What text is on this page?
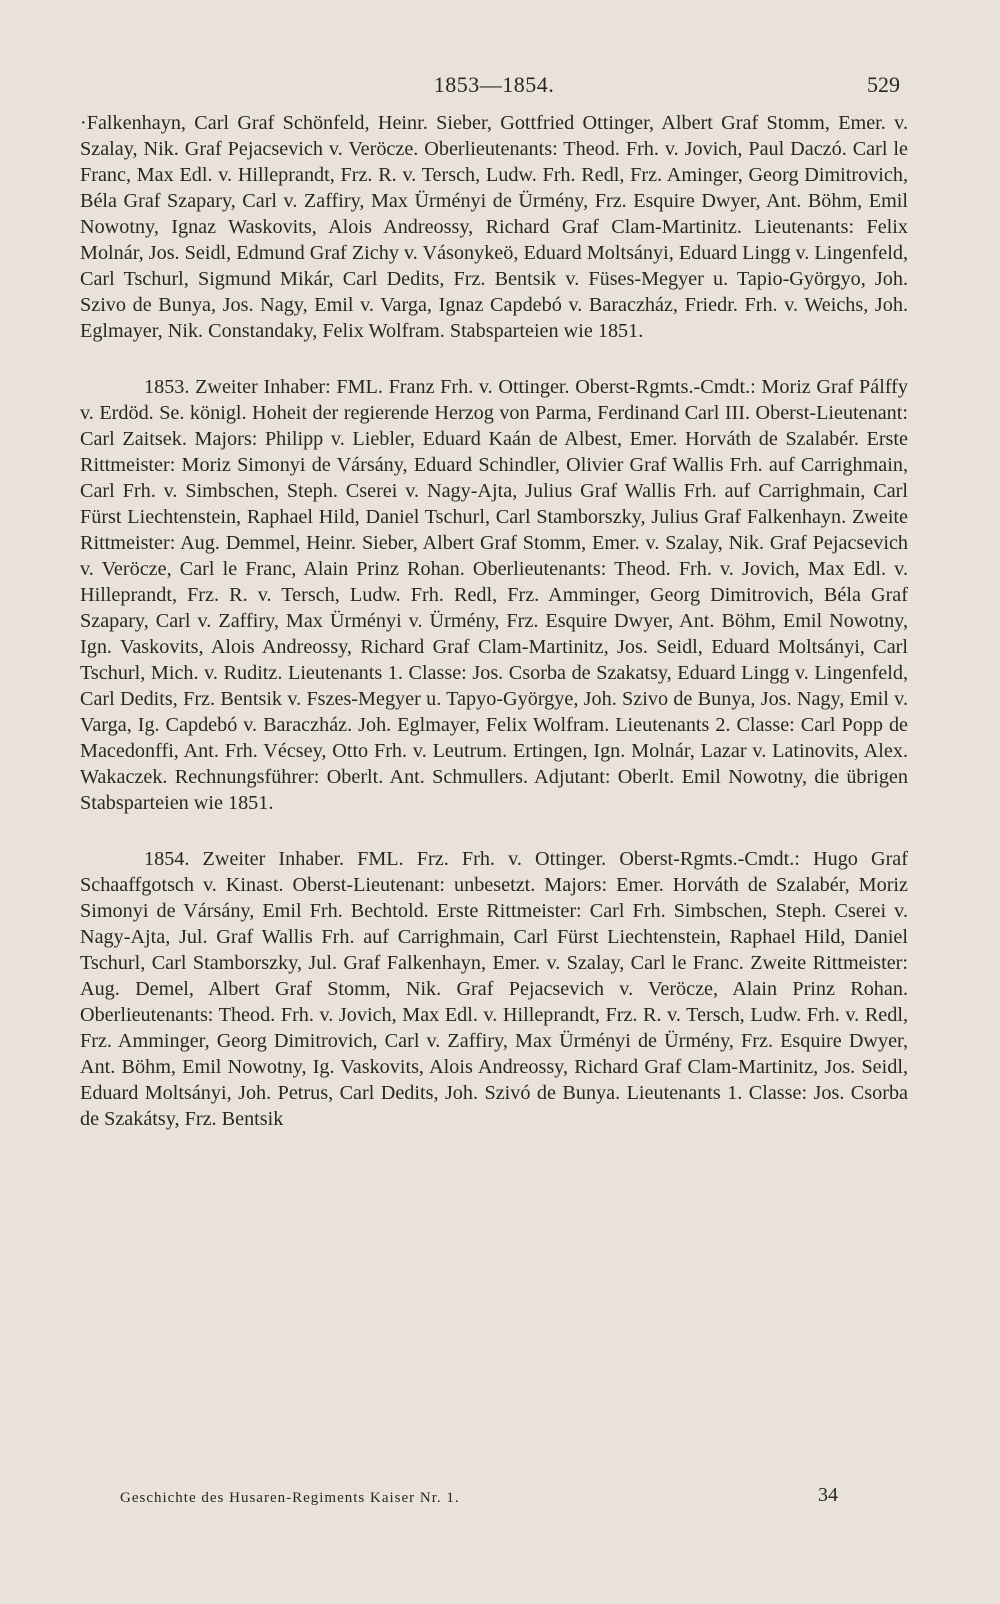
1853—1854.	529

·Falkenhayn, Carl Graf Schönfeld, Heinr. Sieber, Gottfried Ottinger, Albert Graf Stomm, Emer. v. Szalay, Nik. Graf Pejacsevich v. Veröcze. Oberlieutenants: Theod. Frh. v. Jovich, Paul Daczó. Carl le Franc, Max Edl. v. Hilleprandt, Frz. R. v. Tersch, Ludw. Frh. Redl, Frz. Aminger, Georg Dimitrovich, Béla Graf Szapary, Carl v. Zaffiry, Max Ürményi de Ürmény, Frz. Esquire Dwyer, Ant. Böhm, Emil Nowotny, Ignaz Waskovits, Alois Andreossy, Richard Graf Clam-Martinitz. Lieutenants: Felix Molnár, Jos. Seidl, Edmund Graf Zichy v. Vásonykeö, Eduard Moltsányi, Eduard Lingg v. Lingenfeld, Carl Tschurl, Sigmund Mikár, Carl Dedits, Frz. Bentsik v. Füses-Megyer u. Tapio-Györgyo, Joh. Szivo de Bunya, Jos. Nagy, Emil v. Varga, Ignaz Capdebó v. Baraczház, Friedr. Frh. v. Weichs, Joh. Eglmayer, Nik. Constandaky, Felix Wolfram. Stabsparteien wie 1851.

1853. Zweiter Inhaber: FML. Franz Frh. v. Ottinger. Oberst-Rgmts.-Cmdt.: Moriz Graf Pálffy v. Erdöd. Se. königl. Hoheit der regierende Herzog von Parma, Ferdinand Carl III. Oberst-Lieutenant: Carl Zaitsek. Majors: Philipp v. Liebler, Eduard Kaán de Albest, Emer. Horváth de Szalabér. Erste Rittmeister: Moriz Simonyi de Vársány, Eduard Schindler, Olivier Graf Wallis Frh. auf Carrighmain, Carl Frh. v. Simbschen, Steph. Cserei v. Nagy-Ajta, Julius Graf Wallis Frh. auf Carrighmain, Carl Fürst Liechtenstein, Raphael Hild, Daniel Tschurl, Carl Stamborszky, Julius Graf Falkenhayn. Zweite Rittmeister: Aug. Demmel, Heinr. Sieber, Albert Graf Stomm, Emer. v. Szalay, Nik. Graf Pejacsevich v. Veröcze, Carl le Franc, Alain Prinz Rohan. Oberlieutenants: Theod. Frh. v. Jovich, Max Edl. v. Hilleprandt, Frz. R. v. Tersch, Ludw. Frh. Redl, Frz. Amminger, Georg Dimitrovich, Béla Graf Szapary, Carl v. Zaffiry, Max Ürményi v. Ürmény, Frz. Esquire Dwyer, Ant. Böhm, Emil Nowotny, Ign. Vaskovits, Alois Andreossy, Richard Graf Clam-Martinitz, Jos. Seidl, Eduard Moltsányi, Carl Tschurl, Mich. v. Ruditz. Lieutenants 1. Classe: Jos. Csorba de Szakatsy, Eduard Lingg v. Lingenfeld, Carl Dedits, Frz. Bentsik v. Fszes-Megyer u. Tapyo-Györgye, Joh. Szivo de Bunya, Jos. Nagy, Emil v. Varga, Ig. Capdebó v. Baraczház. Joh. Eglmayer, Felix Wolfram. Lieutenants 2. Classe: Carl Popp de Macedonffi, Ant. Frh. Vécsey, Otto Frh. v. Leutrum. Ertingen, Ign. Molnár, Lazar v. Latinovits, Alex. Wakaczek. Rechnungsführer: Oberlt. Ant. Schmullers. Adjutant: Oberlt. Emil Nowotny, die übrigen Stabsparteien wie 1851.

1854. Zweiter Inhaber. FML. Frz. Frh. v. Ottinger. Oberst-Rgmts.-Cmdt.: Hugo Graf Schaaffgotsch v. Kinast. Oberst-Lieutenant: unbesetzt. Majors: Emer. Horváth de Szalabér, Moriz Simonyi de Vársány, Emil Frh. Bechtold. Erste Rittmeister: Carl Frh. Simbschen, Steph. Cserei v. Nagy-Ajta, Jul. Graf Wallis Frh. auf Carrighmain, Carl Fürst Liechtenstein, Raphael Hild, Daniel Tschurl, Carl Stamborszky, Jul. Graf Falkenhayn, Emer. v. Szalay, Carl le Franc. Zweite Rittmeister: Aug. Demel, Albert Graf Stomm, Nik. Graf Pejacsevich v. Veröcze, Alain Prinz Rohan. Oberlieutenants: Theod. Frh. v. Jovich, Max Edl. v. Hilleprandt, Frz. R. v. Tersch, Ludw. Frh. v. Redl, Frz. Amminger, Georg Dimitrovich, Carl v. Zaffiry, Max Ürményi de Ürmény, Frz. Esquire Dwyer, Ant. Böhm, Emil Nowotny, Ig. Vaskovits, Alois Andreossy, Richard Graf Clam-Martinitz, Jos. Seidl, Eduard Moltsányi, Joh. Petrus, Carl Dedits, Joh. Szivó de Bunya. Lieutenants 1. Classe: Jos. Csorba de Szakátsy, Frz. Bentsik

Geschichte des Husaren-Regiments Kaiser Nr. 1.	34
